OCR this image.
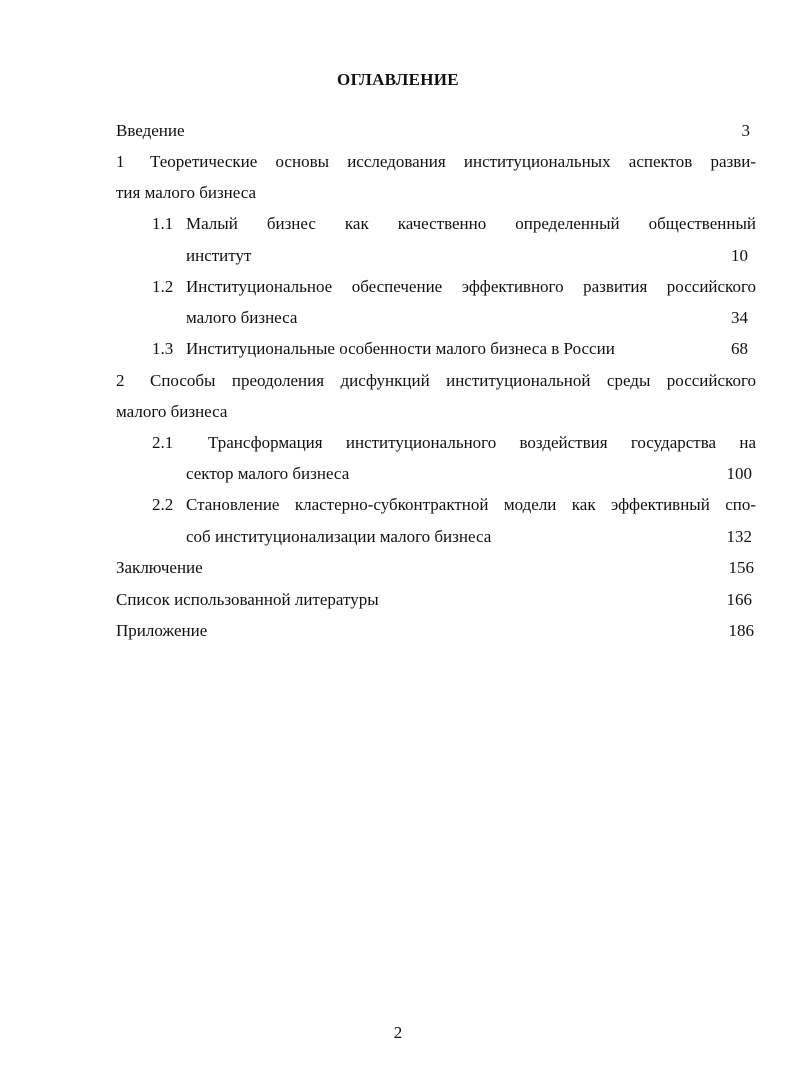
ОГЛАВЛЕНИЕ
Введение	3
1 Теоретические основы исследования институциональных аспектов разви-
тия малого бизнеса
1.1 Малый бизнес как качественно определенный общественный
институт	10
1.2 Институциональное обеспечение эффективного развития российского
малого бизнеса	34
1.3 Институциональные особенности малого бизнеса в России	68
2 Способы преодоления дисфункций институциональной среды российского
малого бизнеса
2.1 Трансформация институционального воздействия государства на
сектор малого бизнеса	100
2.2 Становление кластерно-субконтрактной модели как эффективный спо-
соб институционализации малого бизнеса	132
Заключение	156
Список использованной литературы	166
Приложение	186
2
